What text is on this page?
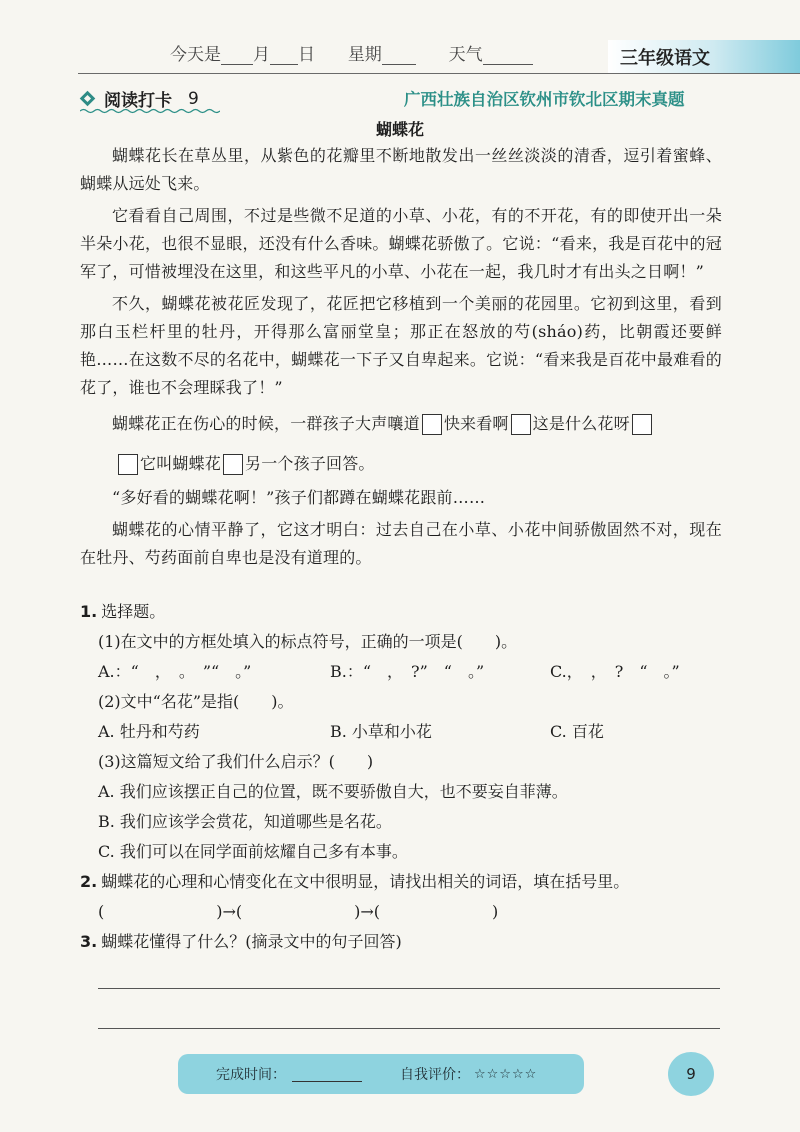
今天是 月 日 星期	天气	三年级语文
阅读打卡 9	广西壮族自治区钦州市钦北区期末真题
蝴蝶花

蝴蝶花长在草丛里，从紫色的花瓣里不断地散发出一丝丝淡淡的清香，逗引着蜜蜂、蝴蝶从远处飞来。

它看看自己周围，不过是些微不足道的小草、小花，有的不开花，有的即使开出一朵半朵小花，也很不显眼，还没有什么香味。蝴蝶花骄傲了。它说：“看来，我是百花中的冠军了，可惜被埋没在这里，和这些平凡的小草、小花在一起，我几时才有出头之日啊！”

不久，蝴蝶花被花匠发现了，花匠把它移植到一个美丽的花园里。它初到这里，看到那白玉栏杆里的牡丹，开得那么富丽堂皇；那正在怒放的芍(sháo)药，比朝霞还要鲜艳……在这数不尽的名花中，蝴蝶花一下子又自卑起来。它说：“看来我是百花中最难看的花了，谁也不会理睬我了！”

蝴蝶花正在伤心的时候，一群孩子大声嚷道 快来看啊 这是什么花呀

它叫蝴蝶花 另一个孩子回答。

“多好看的蝴蝶花啊！”孩子们都蹲在蝴蝶花跟前……

蝴蝶花的心情平静了，它这才明白：过去自己在小草、小花中间骄傲固然不对，现在在牡丹、芍药面前自卑也是没有道理的。

1. 选择题。
(1)在文中的方框处填入的标点符号，正确的一项是(　　)。
A.：“　，　。　”“　。”	B.：“　，　?”　“　。”	C.，　，　?　“　。”
(2)文中“名花”是指(　　)。
A. 牡丹和芍药	B. 小草和小花	C. 百花
(3)这篇短文给了我们什么启示？(　　)
A. 我们应该摆正自己的位置，既不要骄傲自大，也不要妄自菲薄。
B. 我们应该学会赏花，知道哪些是名花。
C. 我们可以在同学面前炫耀自己多有本事。
2. 蝴蝶花的心理和心情变化在文中很明显，请找出相关的词语，填在括号里。
(　　　　　　　)→(　　　　　　　)→(　　　　　　　)
3. 蝴蝶花懂得了什么？(摘录文中的句子回答)
完成时间：	自我评价： ☆☆☆☆☆	9
